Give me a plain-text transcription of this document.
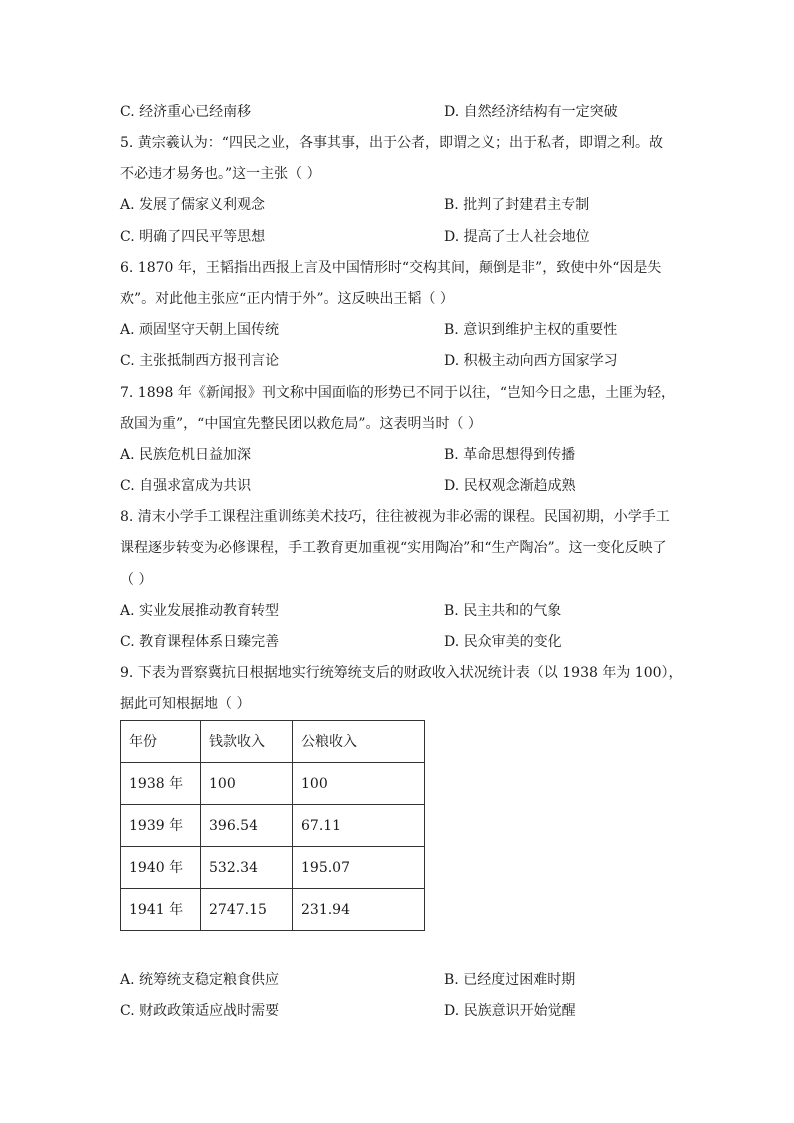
C. 经济重心已经南移	D. 自然经济结构有一定突破
5. 黄宗羲认为：“四民之业，各事其事，出于公者，即谓之义；出于私者，即谓之利。故
不必违才易务也。”这一主张（ ）
A. 发展了儒家义利观念	B. 批判了封建君主专制
C. 明确了四民平等思想	D. 提高了士人社会地位
6. 1870 年，王韬指出西报上言及中国情形时“交构其间，颠倒是非”，致使中外“因是失
欢”。对此他主张应“正内情于外”。这反映出王韬（ ）
A. 顽固坚守天朝上国传统	B. 意识到维护主权的重要性
C. 主张抵制西方报刊言论	D. 积极主动向西方国家学习
7. 1898 年《新闻报》刊文称中国面临的形势已不同于以往，“岂知今日之患，土匪为轻，
敌国为重”，“中国宜先整民团以救危局”。这表明当时（ ）
A. 民族危机日益加深	B. 革命思想得到传播
C. 自强求富成为共识	D. 民权观念渐趋成熟
8. 清末小学手工课程注重训练美术技巧，往往被视为非必需的课程。民国初期，小学手工
课程逐步转变为必修课程，手工教育更加重视“实用陶冶”和“生产陶冶”。这一变化反映了
（ ）
A. 实业发展推动教育转型	B. 民主共和的气象
C. 教育课程体系日臻完善	D. 民众审美的变化
9. 下表为晋察冀抗日根据地实行统筹统支后的财政收入状况统计表（以 1938 年为 100），
据此可知根据地（ ）
年份	钱款收入	公粮收入
1938 年	100	100
1939 年	396.54	67.11
1940 年	532.34	195.07
1941 年	2747.15	231.94
A. 统筹统支稳定粮食供应	B. 已经度过困难时期
C. 财政政策适应战时需要	D. 民族意识开始觉醒
